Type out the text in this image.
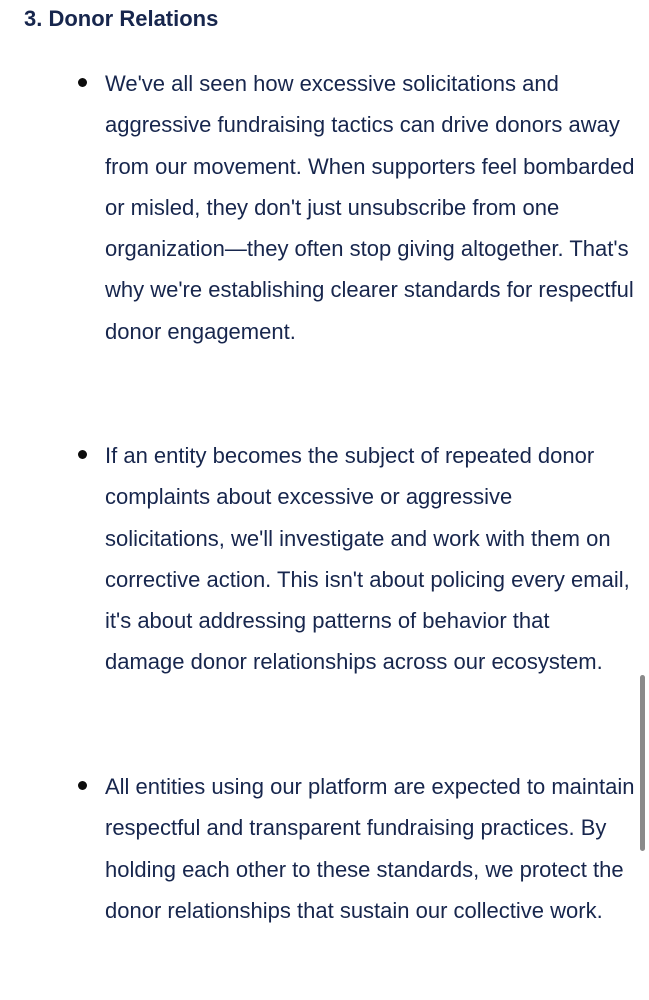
3. Donor Relations
We've all seen how excessive solicitations and aggressive fundraising tactics can drive donors away from our movement. When supporters feel bombarded or misled, they don't just unsubscribe from one organization—they often stop giving altogether. That's why we're establishing clearer standards for respectful donor engagement.
If an entity becomes the subject of repeated donor complaints about excessive or aggressive solicitations, we'll investigate and work with them on corrective action. This isn't about policing every email, it's about addressing patterns of behavior that damage donor relationships across our ecosystem.
All entities using our platform are expected to maintain respectful and transparent fundraising practices. By holding each other to these standards, we protect the donor relationships that sustain our collective work.
